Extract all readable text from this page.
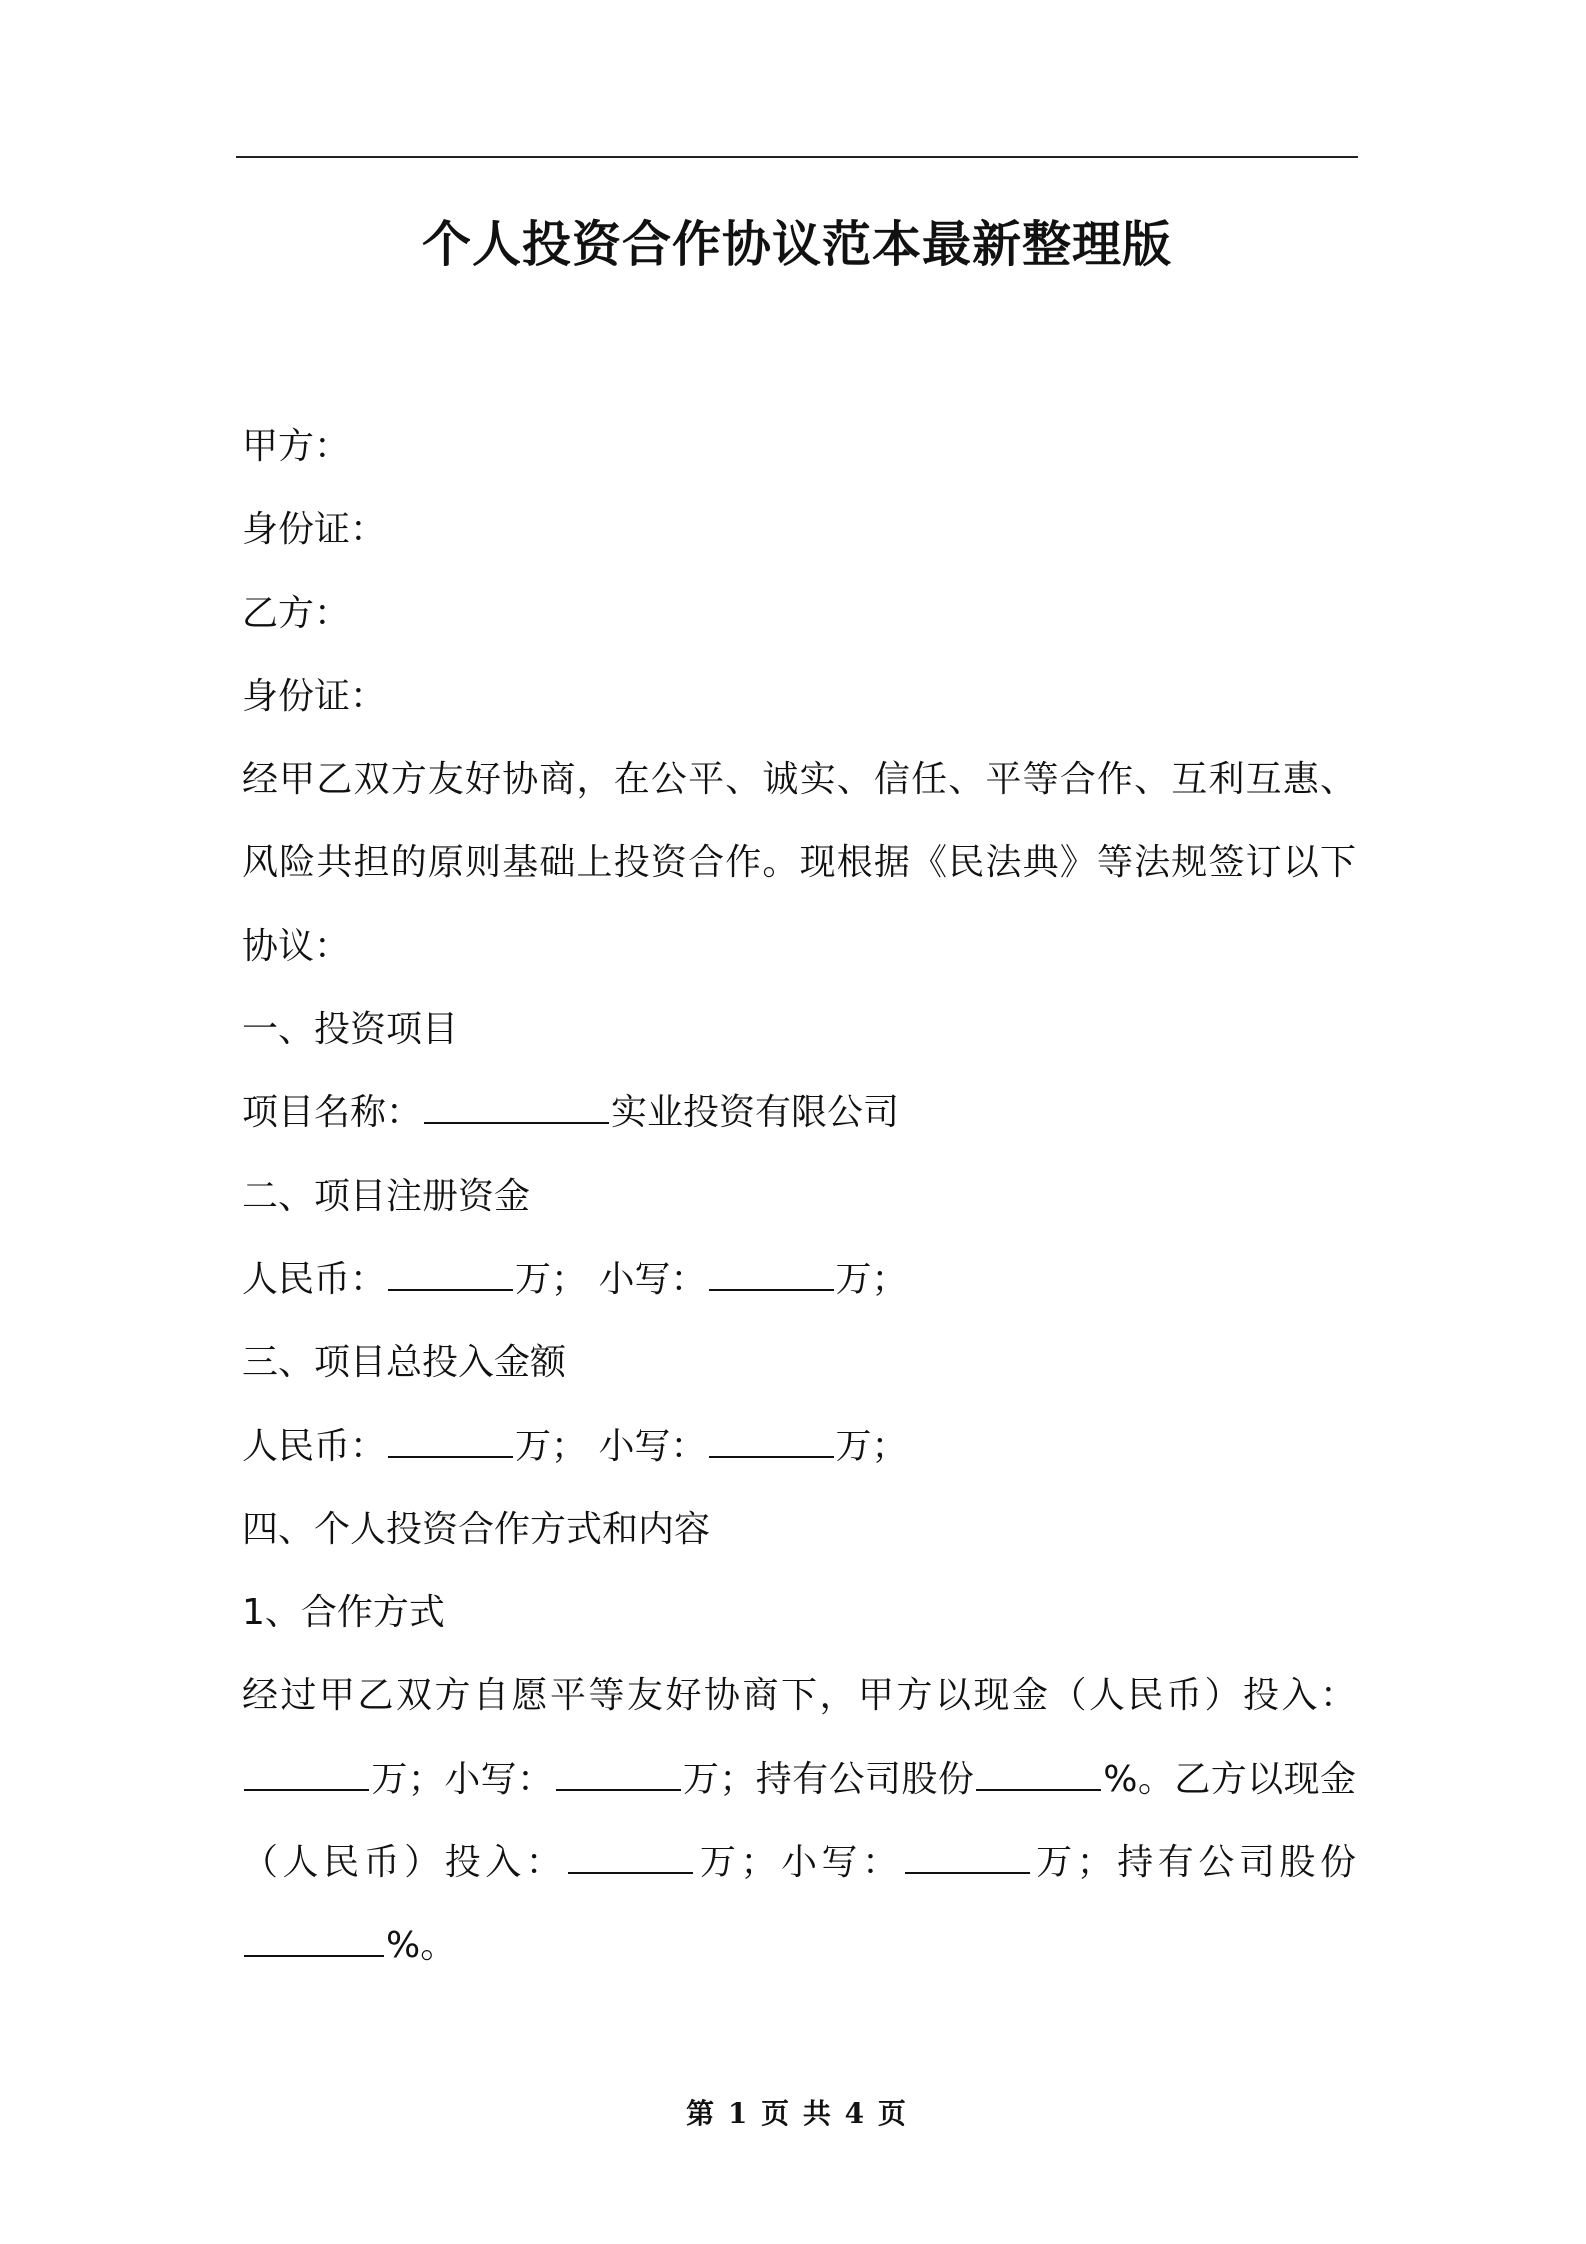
个人投资合作协议范本最新整理版
甲方：
身份证：
乙方：
身份证：
经甲乙双方友好协商，在公平、诚实、信任、平等合作、互利互惠、
风险共担的原则基础上投资合作。现根据《民法典》等法规签订以下
协议：
一、投资项目
项目名称：	实业投资有限公司
二、项目注册资金
人民币：	万； 小写：	万；
三、项目总投入金额
人民币：	万； 小写：	万；
四、个人投资合作方式和内容
1、合作方式
经过甲乙双方自愿平等友好协商下，甲方以现金（人民币）投入：
万；小写：	万；持有公司股份	%。乙方以现金
（人民币）投入：	万；小写：	万；持有公司股份
%。
第 1 页 共 4 页
